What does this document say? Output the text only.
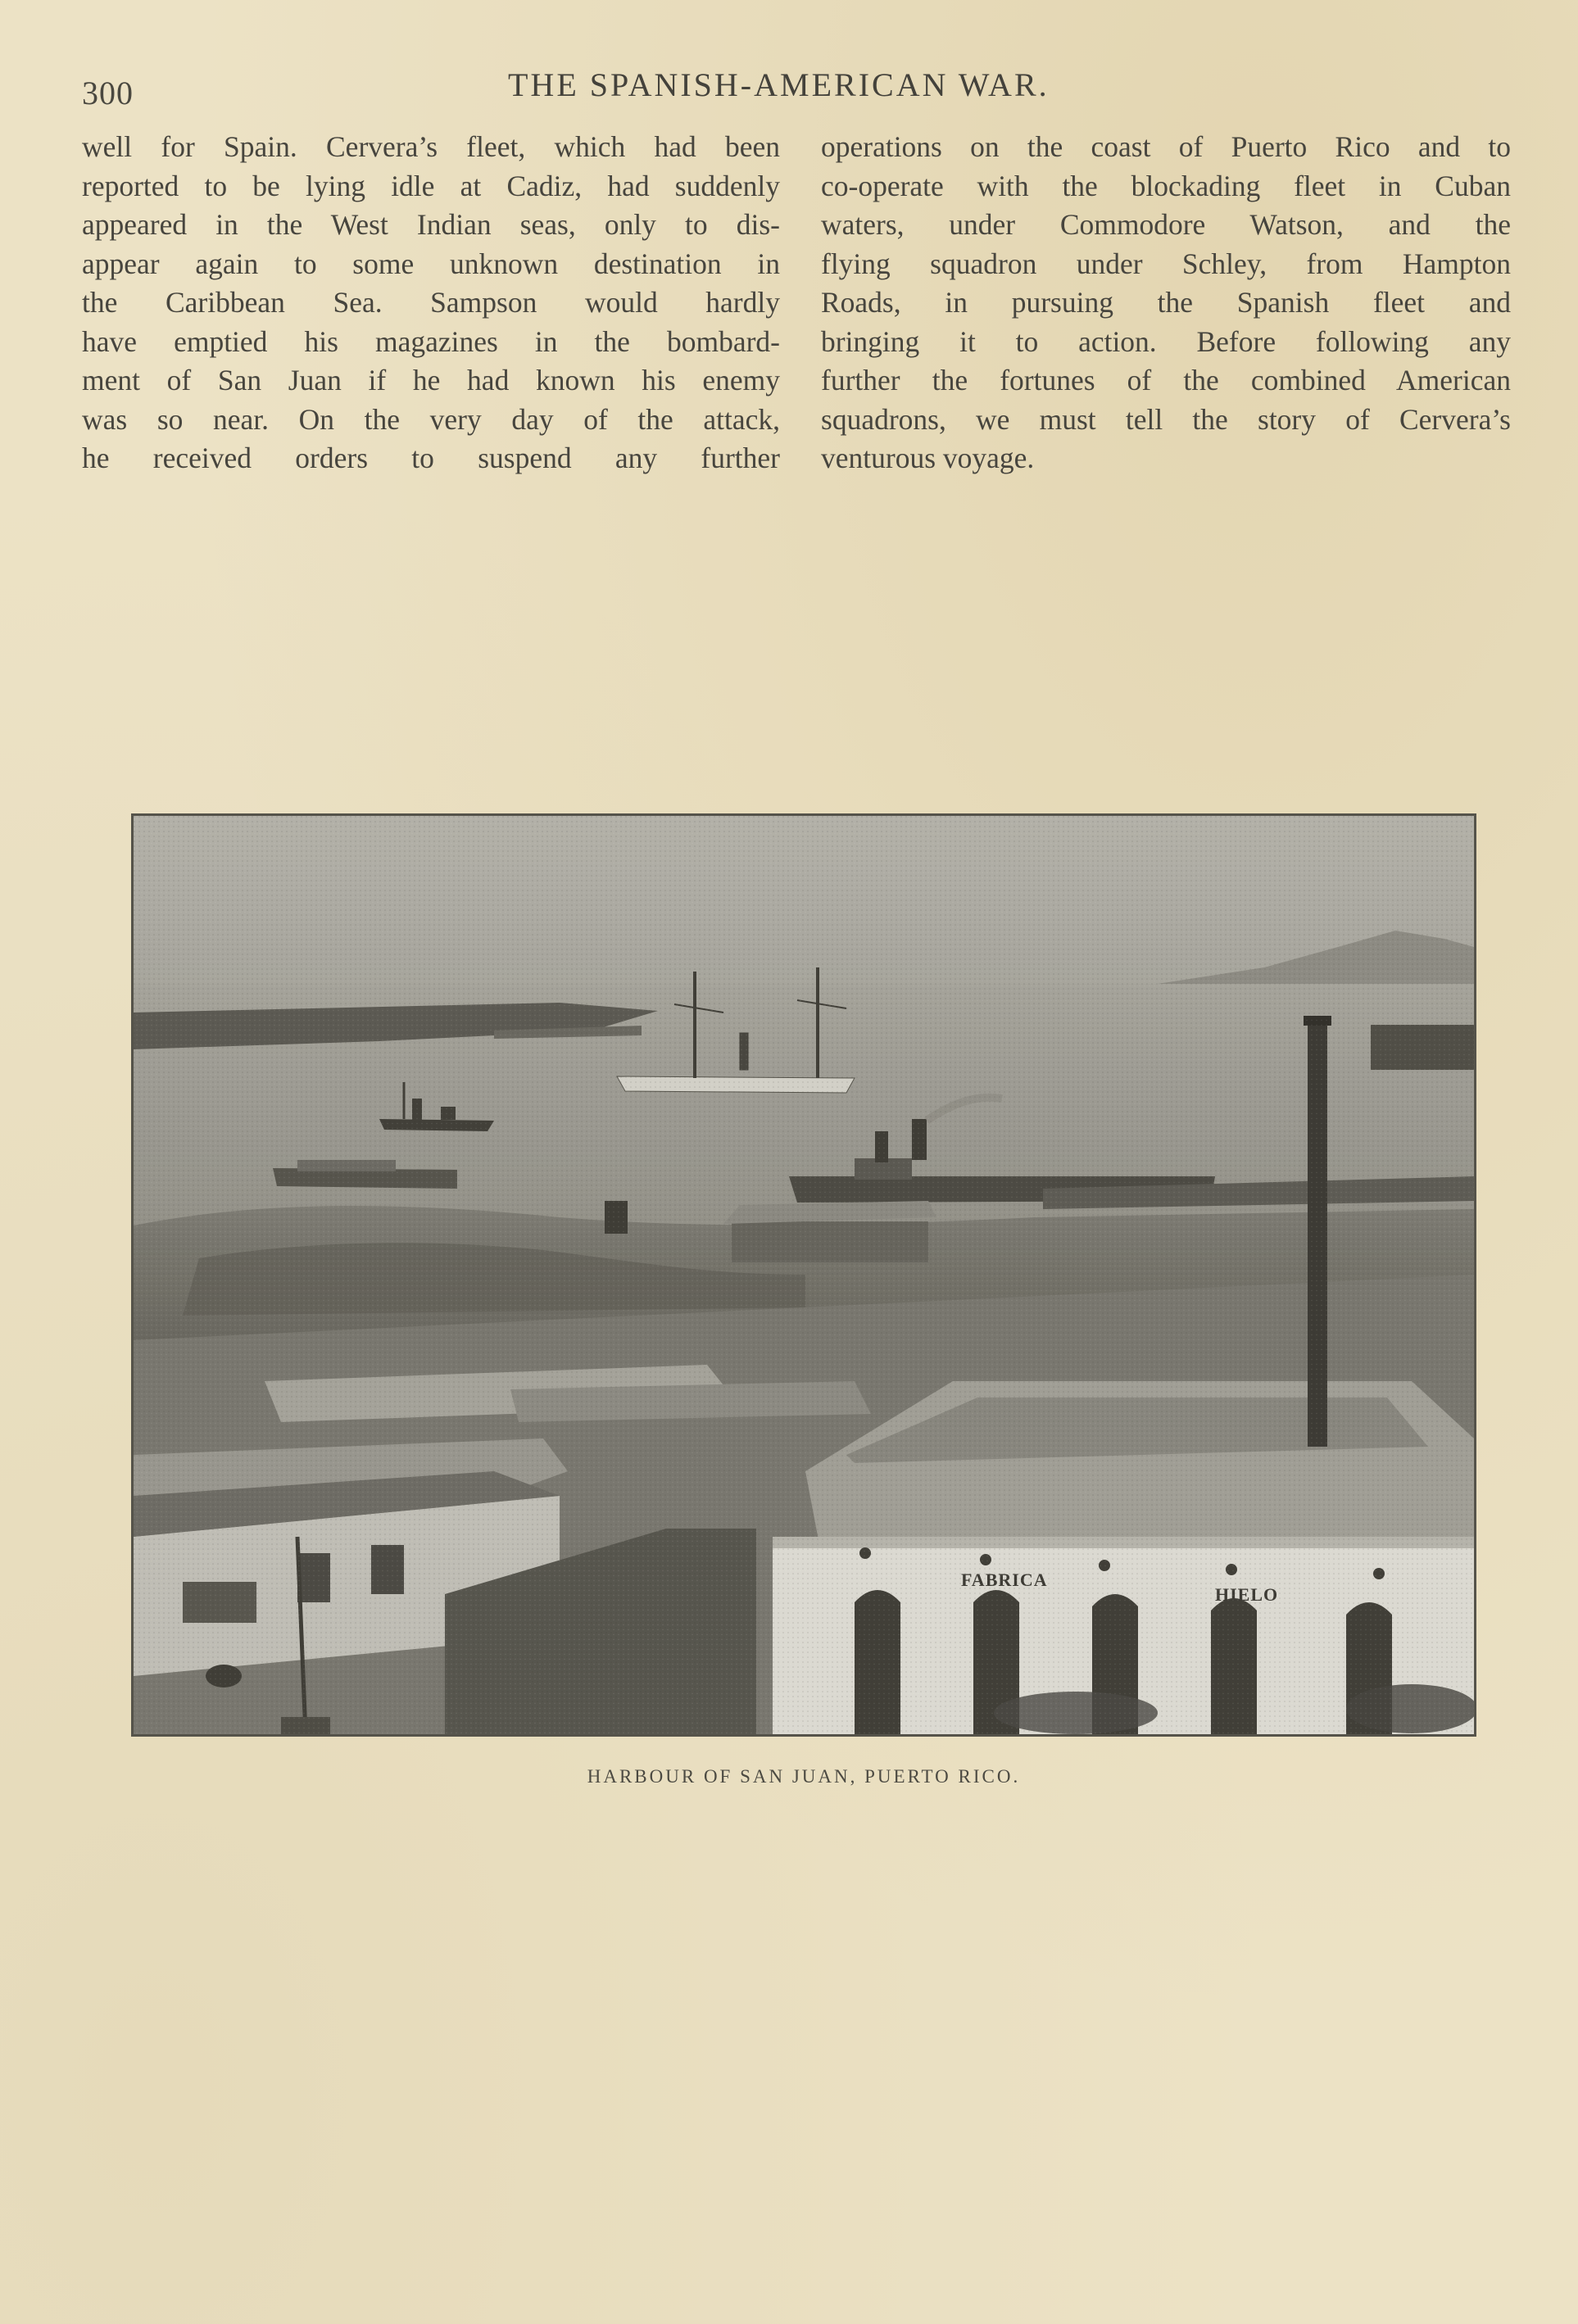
300	THE SPANISH-AMERICAN WAR.
well for Spain. Cervera’s fleet, which had been
reported to be lying idle at Cadiz, had suddenly
appeared in the West Indian seas, only to dis-
appear again to some unknown destination in
the Caribbean Sea. Sampson would hardly
have emptied his magazines in the bombard-
ment of San Juan if he had known his enemy
was so near. On the very day of the attack,
he received orders to suspend any further
operations on the coast of Puerto Rico and to
co-operate with the blockading fleet in Cuban
waters, under Commodore Watson, and the
flying squadron under Schley, from Hampton
Roads, in pursuing the Spanish fleet and
bringing it to action. Before following any
further the fortunes of the combined American
squadrons, we must tell the story of Cervera’s
venturous voyage.
HARBOUR OF SAN JUAN, PUERTO RICO.
